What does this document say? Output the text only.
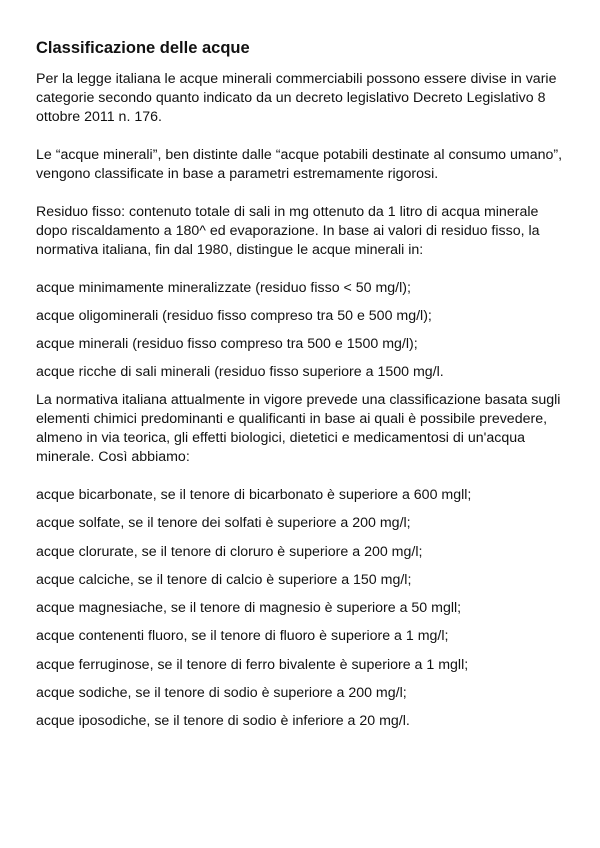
Classificazione delle acque

Per la legge italiana le acque minerali commerciabili possono essere divise in varie categorie secondo quanto indicato da un decreto legislativo Decreto Legislativo 8 ottobre 2011 n. 176.

Le “acque minerali”, ben distinte dalle “acque potabili destinate al consumo umano”, vengono classificate in base a parametri estremamente rigorosi.

Residuo fisso: contenuto totale di sali in mg ottenuto da 1 litro di acqua minerale dopo riscaldamento a 180^ ed evaporazione. In base ai valori di residuo fisso, la normativa italiana, fin dal 1980, distingue le acque minerali in:

acque minimamente mineralizzate (residuo fisso < 50 mg/l);
acque oligominerali (residuo fisso compreso tra 50 e 500 mg/l);
acque minerali (residuo fisso compreso tra 500 e 1500 mg/l);
acque ricche di sali minerali (residuo fisso superiore a 1500 mg/l.

La normativa italiana attualmente in vigore prevede una classificazione basata sugli elementi chimici predominanti e qualificanti in base ai quali è possibile prevedere, almeno in via teorica, gli effetti biologici, dietetici e medicamentosi di un'acqua minerale. Così abbiamo:

acque bicarbonate, se il tenore di bicarbonato è superiore a 600 mgll;
acque solfate, se il tenore dei solfati è superiore a 200 mg/l;
acque clorurate, se il tenore di cloruro è superiore a 200 mg/l;
acque calciche, se il tenore di calcio è superiore a 150 mg/l;
acque magnesiache, se il tenore di magnesio è superiore a 50 mgll;
acque contenenti fluoro, se il tenore di fluoro è superiore a 1 mg/l;
acque ferruginose, se il tenore di ferro bivalente è superiore a 1 mgll;
acque sodiche, se il tenore di sodio è superiore a 200 mg/l;
acque iposodiche, se il tenore di sodio è inferiore a 20 mg/l.
